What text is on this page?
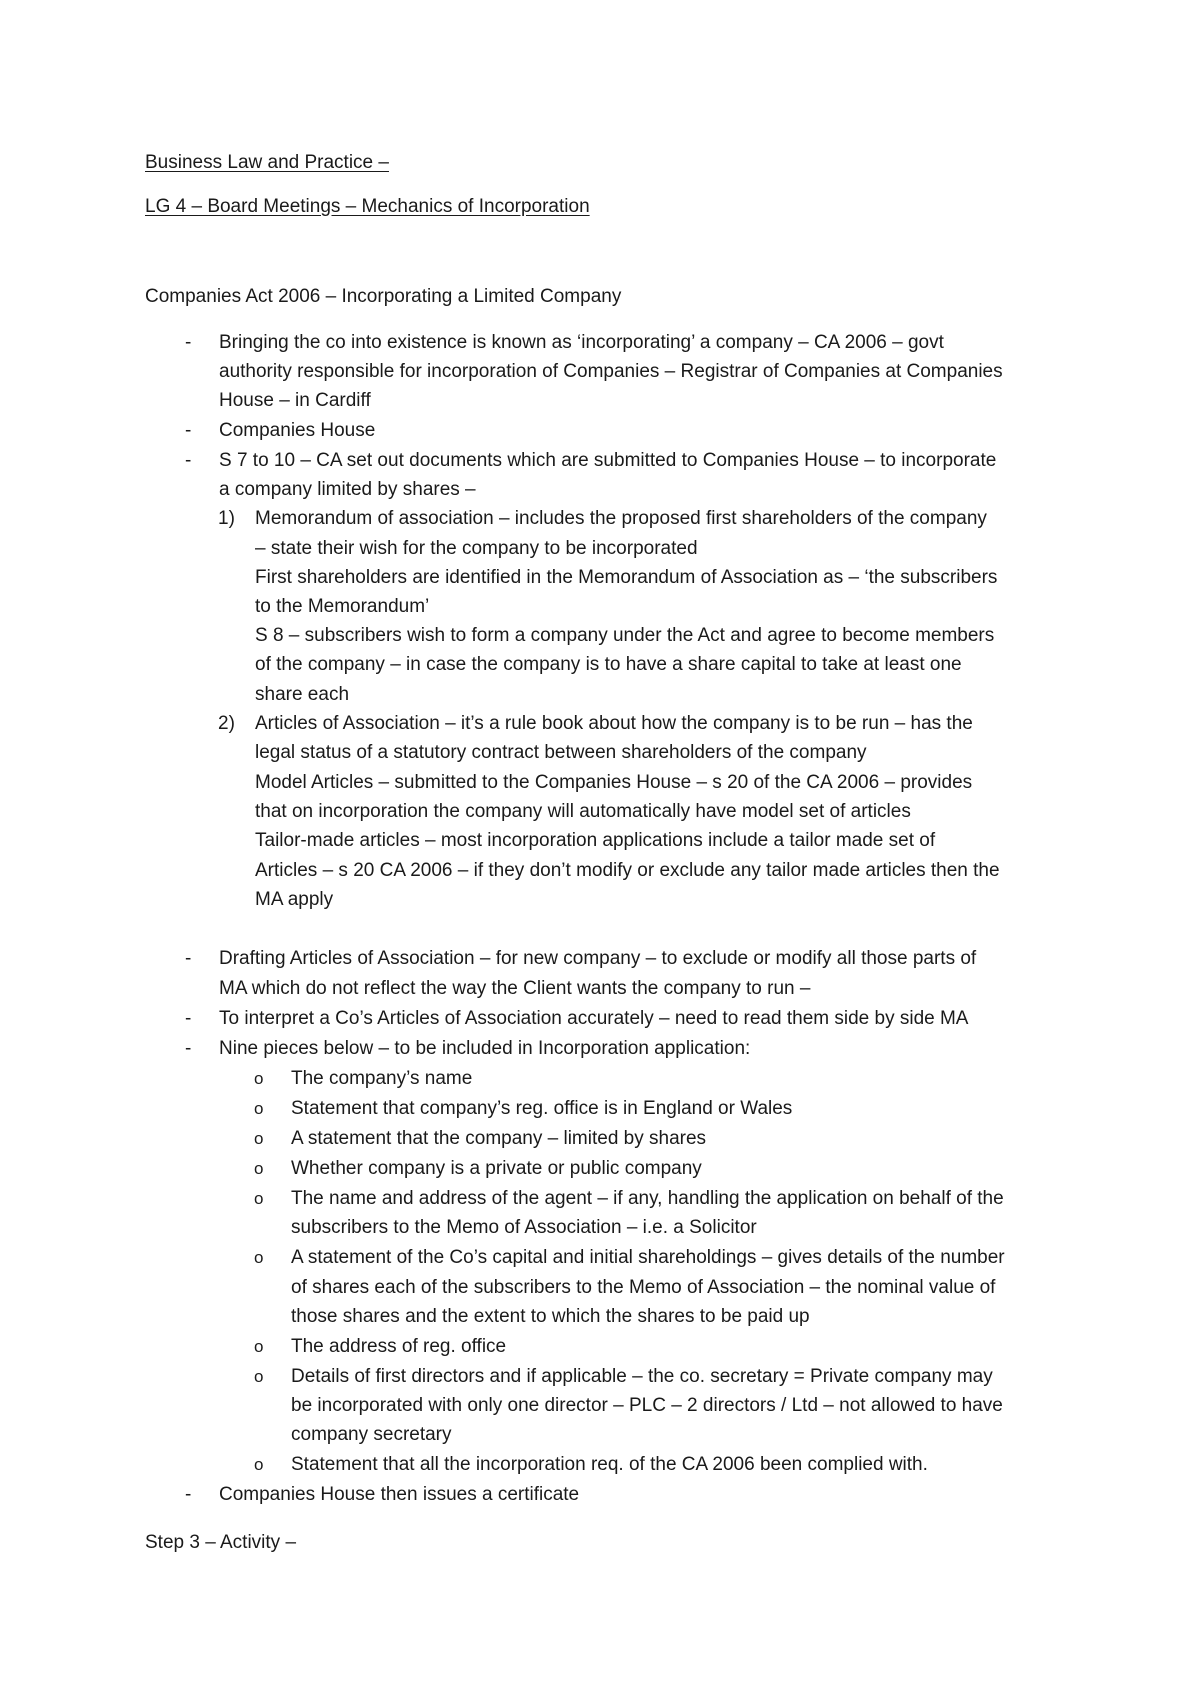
Business Law and Practice –
LG 4 – Board Meetings – Mechanics of Incorporation
Companies Act 2006 – Incorporating a Limited Company
- Bringing the co into existence is known as ‘incorporating’ a company – CA 2006 – govt
authority responsible for incorporation of Companies – Registrar of Companies at Companies
House – in Cardiff
- Companies House
- S 7 to 10 – CA set out documents which are submitted to Companies House – to incorporate
a company limited by shares –
1) Memorandum of association – includes the proposed first shareholders of the company
– state their wish for the company to be incorporated
First shareholders are identified in the Memorandum of Association as – ‘the subscribers
to the Memorandum’
S 8 – subscribers wish to form a company under the Act and agree to become members
of the company – in case the company is to have a share capital to take at least one
share each
2) Articles of Association – it’s a rule book about how the company is to be run – has the
legal status of a statutory contract between shareholders of the company
Model Articles – submitted to the Companies House – s 20 of the CA 2006 – provides
that on incorporation the company will automatically have model set of articles
Tailor-made articles – most incorporation applications include a tailor made set of
Articles – s 20 CA 2006 – if they don’t modify or exclude any tailor made articles then the
MA apply
- Drafting Articles of Association – for new company – to exclude or modify all those parts of
MA which do not reflect the way the Client wants the company to run –
- To interpret a Co’s Articles of Association accurately – need to read them side by side MA
- Nine pieces below – to be included in Incorporation application:
o The company’s name
o Statement that company’s reg. office is in England or Wales
o A statement that the company – limited by shares
o Whether company is a private or public company
o The name and address of the agent – if any, handling the application on behalf of the
subscribers to the Memo of Association – i.e. a Solicitor
o A statement of the Co’s capital and initial shareholdings – gives details of the number
of shares each of the subscribers to the Memo of Association – the nominal value of
those shares and the extent to which the shares to be paid up
o The address of reg. office
o Details of first directors and if applicable – the co. secretary = Private company may
be incorporated with only one director – PLC – 2 directors / Ltd – not allowed to have
company secretary
o Statement that all the incorporation req. of the CA 2006 been complied with.
- Companies House then issues a certificate
Step 3 – Activity –
